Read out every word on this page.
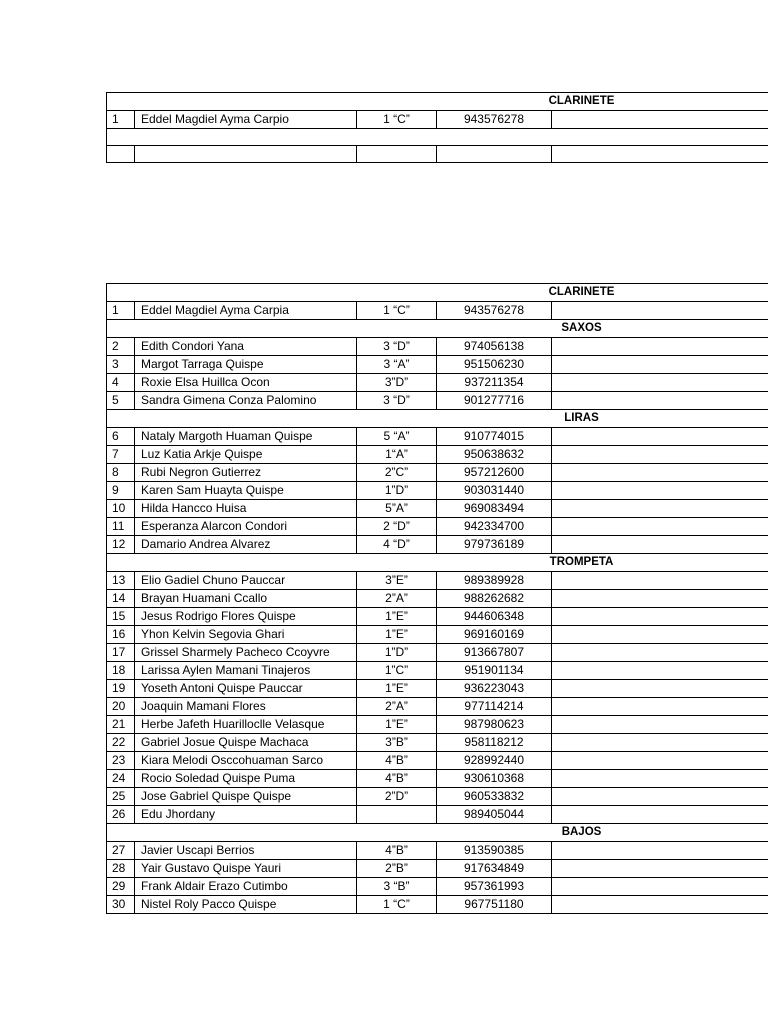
CLARINETE				
1	Eddel Magdiel Ayma Carpio	1 “C”	943576278	

CLARINETE				
1	Eddel Magdiel Ayma Carpia	1 “C”	943576278	
SAXOS				
2	Edith Condori Yana	3 “D”	974056138	
3	Margot Tarraga Quispe	3 “A”	951506230	
4	Roxie Elsa Huillca Ocon	3”D”	937211354	
5	Sandra Gimena Conza Palomino	3 “D”	901277716	
LIRAS				
6	Nataly Margoth Huaman Quispe	5 “A”	910774015	
7	Luz Katia Arkje Quispe	1“A”	950638632	
8	Rubi Negron Gutierrez	2”C”	957212600	
9	Karen Sam Huayta Quispe	1”D”	903031440	
10	Hilda Hancco Huisa	5”A”	969083494	
11	Esperanza Alarcon Condori	2 “D”	942334700	
12	Damario Andrea Alvarez	4 “D”	979736189	
TROMPETA				
13	Elio Gadiel Chuno Pauccar	3”E”	989389928	
14	Brayan Huamani Ccallo	2”A”	988262682	
15	Jesus Rodrigo Flores Quispe	1”E”	944606348	
16	Yhon Kelvin Segovia Ghari	1”E”	969160169	
17	Grissel Sharmely Pacheco Ccoyvre	1”D”	913667807	
18	Larissa Aylen Mamani Tinajeros	1”C”	951901134	
19	Yoseth Antoni Quispe Pauccar	1”E”	936223043	
20	Joaquin Mamani Flores	2”A”	977114214	
21	Herbe Jafeth Huarilloclle Velasque	1”E”	987980623	
22	Gabriel Josue Quispe Machaca	3”B”	958118212	
23	Kiara Melodi Osccohuaman Sarco	4”B”	928992440	
24	Rocio Soledad Quispe Puma	4”B”	930610368	
25	Jose Gabriel Quispe Quispe	2”D”	960533832	
26	Edu Jhordany		989405044	
BAJOS				
27	Javier Uscapi Berrios	4”B”	913590385	
28	Yair Gustavo Quispe Yauri	2”B”	917634849	
29	Frank Aldair Erazo Cutimbo	3 “B”	957361993	
30	Nistel Roly Pacco Quispe	1 “C”	967751180	
